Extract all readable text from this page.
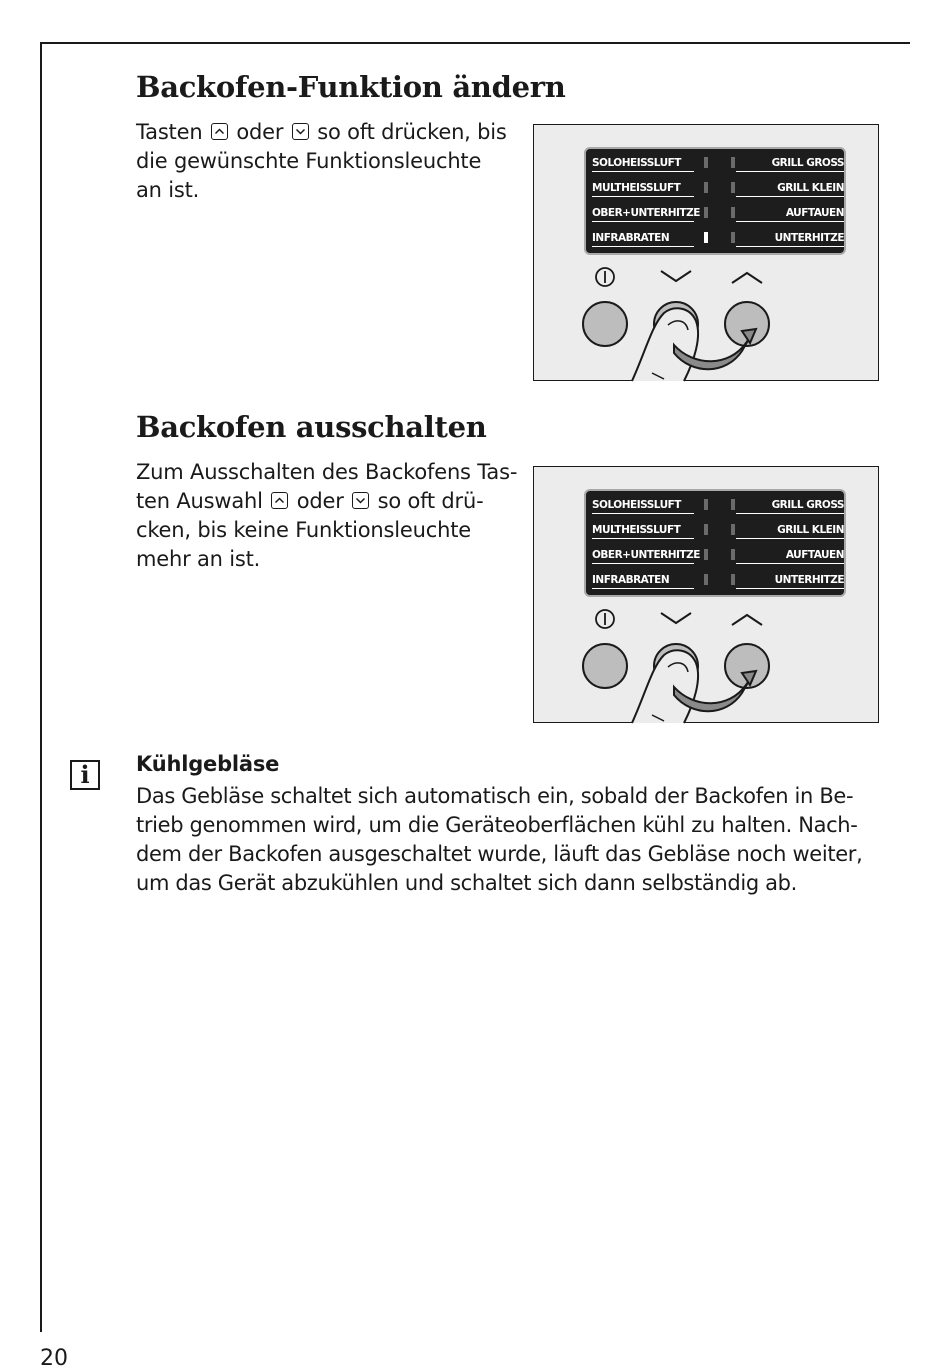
Backofen-Funktion ändern
Tasten
oder
so oft drücken, bis
die gewünschte Funktionsleuchte
an ist.
SOLOHEISSLUFT	GRILL GROSS
MULTHEISSLUFT	GRILL KLEIN
OBER+UNTERHITZE	AUFTAUEN
INFRABRATEN	UNTERHITZE
Backofen ausschalten
Zum Ausschalten des Backofens Tas-
ten Auswahl
oder
so oft drü-
cken, bis keine Funktionsleuchte
mehr an ist.
SOLOHEISSLUFT	GRILL GROSS
MULTHEISSLUFT	GRILL KLEIN
OBER+UNTERHITZE	AUFTAUEN
INFRABRATEN	UNTERHITZE
i	Kühlgebläse
Das Gebläse schaltet sich automatisch ein, sobald der Backofen in Be-
trieb genommen wird, um die Geräteoberflächen kühl zu halten. Nach-
dem der Backofen ausgeschaltet wurde, läuft das Gebläse noch weiter,
um das Gerät abzukühlen und schaltet sich dann selbständig ab.
20
